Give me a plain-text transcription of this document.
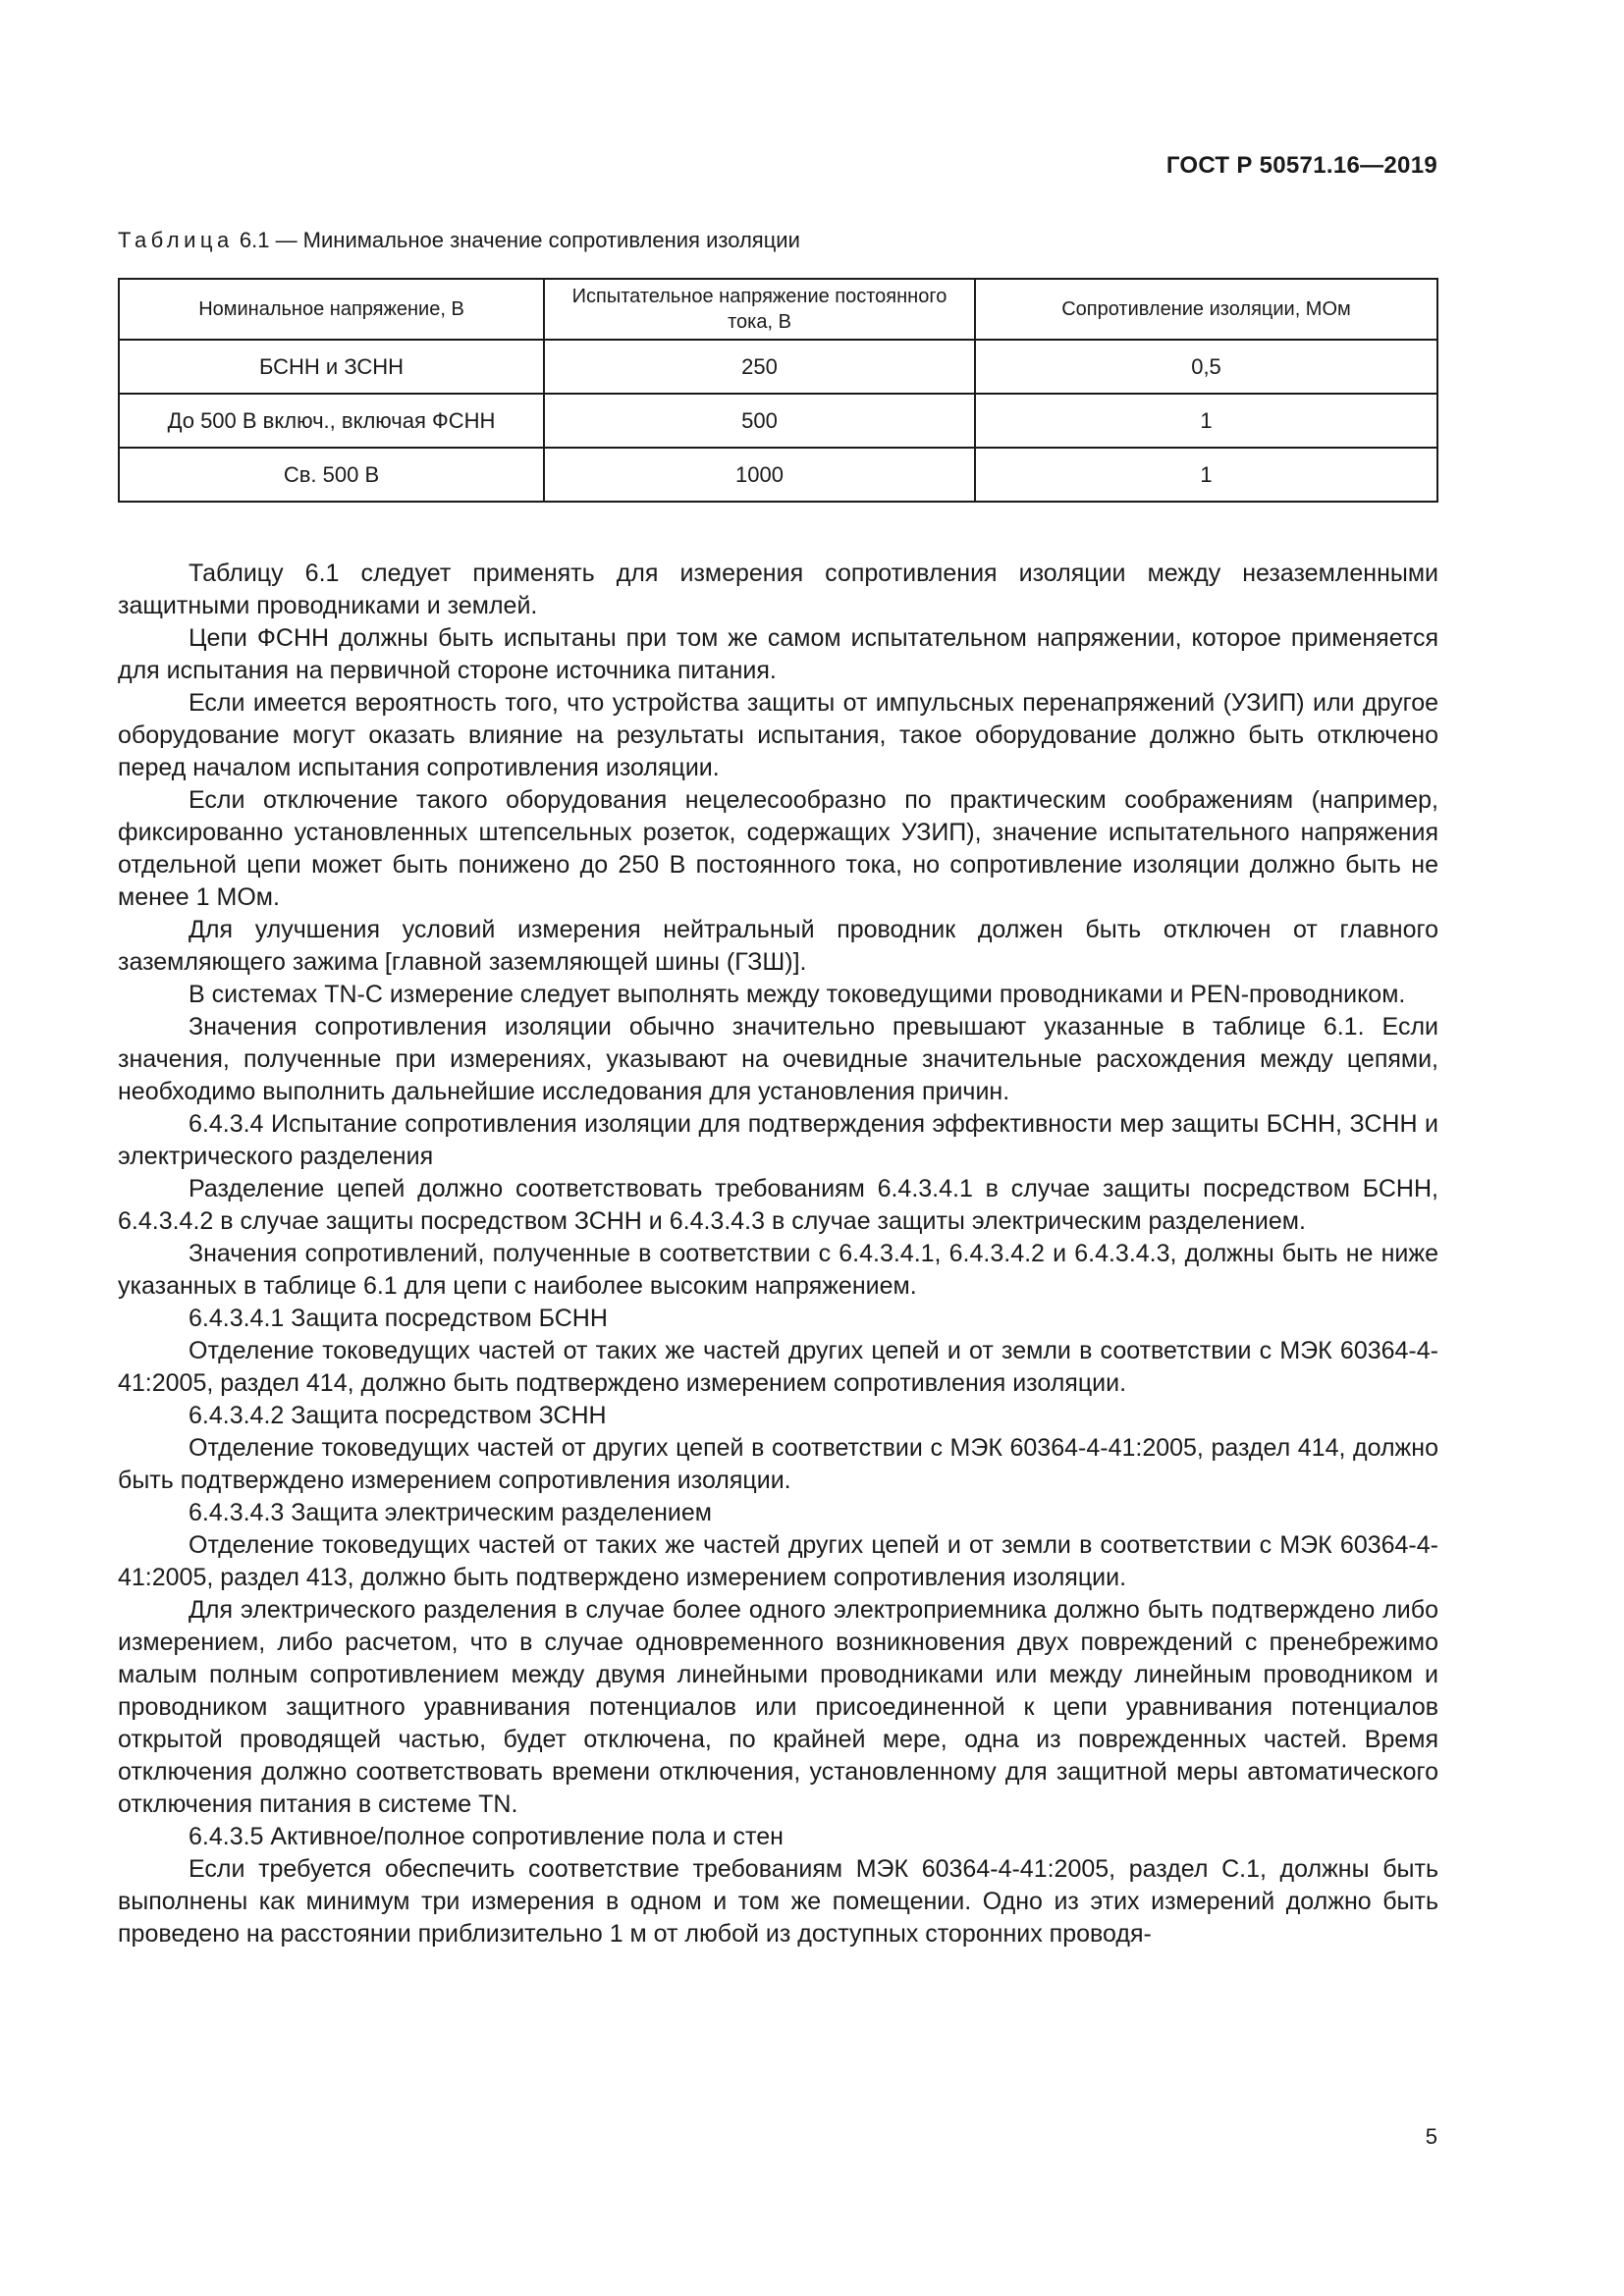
ГОСТ Р 50571.16—2019
Таблица 6.1 — Минимальное значение сопротивления изоляции
Номинальное напряжение, В	Испытательное напряжение постоянного тока, В	Сопротивление изоляции, МОм
БСНН и ЗСНН	250	0,5
До 500 В включ., включая ФСНН	500	1
Св. 500 В	1000	1

Таблицу 6.1 следует применять для измерения сопротивления изоляции между незаземленными защитными проводниками и землей.

Цепи ФСНН должны быть испытаны при том же самом испытательном напряжении, которое применяется для испытания на первичной стороне источника питания.

Если имеется вероятность того, что устройства защиты от импульсных перенапряжений (УЗИП) или другое оборудование могут оказать влияние на результаты испытания, такое оборудование должно быть отключено перед началом испытания сопротивления изоляции.

Если отключение такого оборудования нецелесообразно по практическим соображениям (например, фиксированно установленных штепсельных розеток, содержащих УЗИП), значение испытательного напряжения отдельной цепи может быть понижено до 250 В постоянного тока, но сопротивление изоляции должно быть не менее 1 МОм.

Для улучшения условий измерения нейтральный проводник должен быть отключен от главного заземляющего зажима [главной заземляющей шины (ГЗШ)].

В системах TN-C измерение следует выполнять между токоведущими проводниками и PEN-проводником.

Значения сопротивления изоляции обычно значительно превышают указанные в таблице 6.1. Если значения, полученные при измерениях, указывают на очевидные значительные расхождения между цепями, необходимо выполнить дальнейшие исследования для установления причин.

6.4.3.4 Испытание сопротивления изоляции для подтверждения эффективности мер защиты БСНН, ЗСНН и электрического разделения

Разделение цепей должно соответствовать требованиям 6.4.3.4.1 в случае защиты посредством БСНН, 6.4.3.4.2 в случае защиты посредством ЗСНН и 6.4.3.4.3 в случае защиты электрическим разделением.

Значения сопротивлений, полученные в соответствии с 6.4.3.4.1, 6.4.3.4.2 и 6.4.3.4.3, должны быть не ниже указанных в таблице 6.1 для цепи с наиболее высоким напряжением.

6.4.3.4.1 Защита посредством БСНН

Отделение токоведущих частей от таких же частей других цепей и от земли в соответствии с МЭК 60364-4-41:2005, раздел 414, должно быть подтверждено измерением сопротивления изоляции.

6.4.3.4.2 Защита посредством ЗСНН

Отделение токоведущих частей от других цепей в соответствии с МЭК 60364-4-41:2005, раздел 414, должно быть подтверждено измерением сопротивления изоляции.

6.4.3.4.3 Защита электрическим разделением

Отделение токоведущих частей от таких же частей других цепей и от земли в соответствии с МЭК 60364-4-41:2005, раздел 413, должно быть подтверждено измерением сопротивления изоляции.

Для электрического разделения в случае более одного электроприемника должно быть подтверждено либо измерением, либо расчетом, что в случае одновременного возникновения двух повреждений с пренебрежимо малым полным сопротивлением между двумя линейными проводниками или между линейным проводником и проводником защитного уравнивания потенциалов или присоединенной к цепи уравнивания потенциалов открытой проводящей частью, будет отключена, по крайней мере, одна из поврежденных частей. Время отключения должно соответствовать времени отключения, установленному для защитной меры автоматического отключения питания в системе TN.

6.4.3.5 Активное/полное сопротивление пола и стен

Если требуется обеспечить соответствие требованиям МЭК 60364-4-41:2005, раздел С.1, должны быть выполнены как минимум три измерения в одном и том же помещении. Одно из этих измерений должно быть проведено на расстоянии приблизительно 1 м от любой из доступных сторонних проводя-

5
